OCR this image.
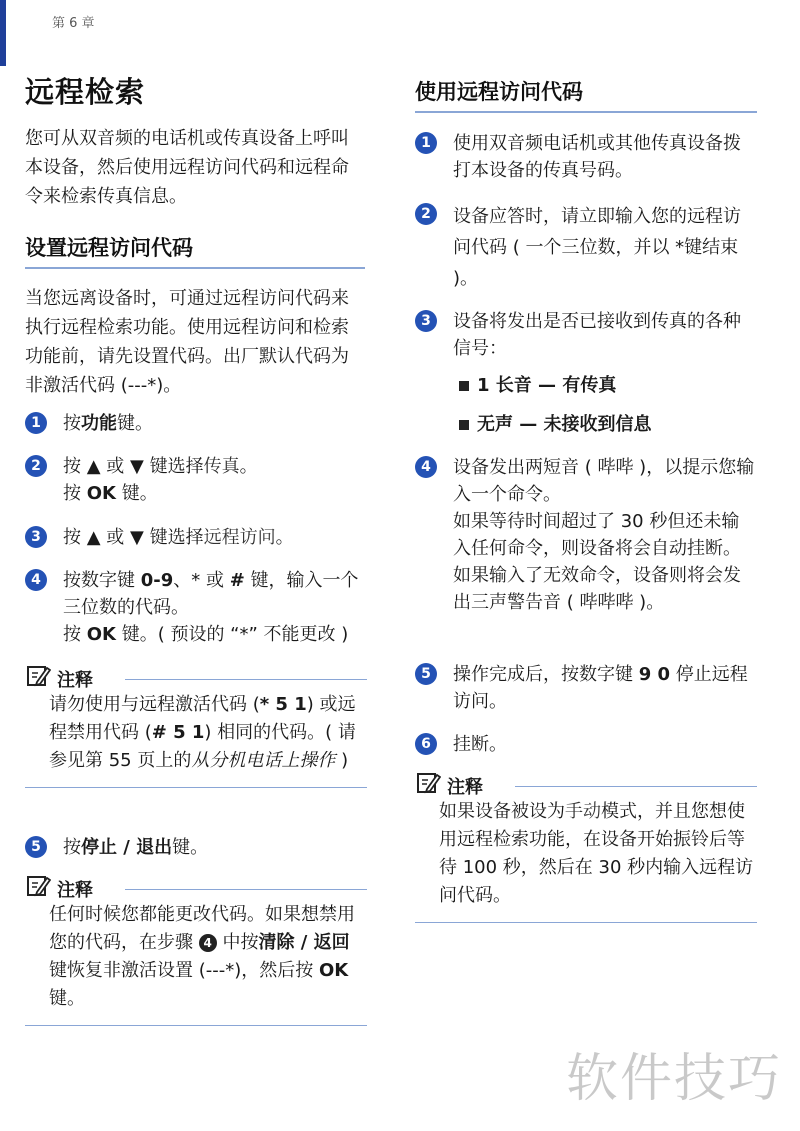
第 6 章
远程检索
您可从双音频的电话机或传真设备上呼叫本设备，然后使用远程访问代码和远程命令来检索传真信息。
设置远程访问代码
当您远离设备时，可通过远程访问代码来执行远程检索功能。使用远程访问和检索功能前，请先设置代码。出厂默认代码为非激活代码 (---*)。
1	按功能键。
2	按 ▲ 或 ▼ 键选择传真。
按 OK 键。
3	按 ▲ 或 ▼ 键选择远程访问。
4	按数字键 0-9、* 或 # 键，输入一个三位数的代码。
按 OK 键。( 预设的 “*” 不能更改 )
注释
请勿使用与远程激活代码 (* 5 1) 或远程禁用代码 (# 5 1) 相同的代码。( 请参见第 55 页上的从分机电话上操作 )
5	按停止 / 退出键。
注释
任何时候您都能更改代码。如果想禁用您的代码，在步骤 4 中按清除 / 返回键恢复非激活设置 (---*)，然后按 OK 键。
使用远程访问代码
1	使用双音频电话机或其他传真设备拨打本设备的传真号码。
2	设备应答时，请立即输入您的远程访问代码 ( 一个三位数，并以 *键结束 )。
3	设备将发出是否已接收到传真的各种信号：
1 长音 — 有传真
无声 — 未接收到信息
4	设备发出两短音 ( 哔哔 )，以提示您输入一个命令。
如果等待时间超过了 30 秒但还未输入任何命令，则设备将会自动挂断。
如果输入了无效命令，设备则将会发出三声警告音 ( 哔哔哔 )。
5	操作完成后，按数字键 9 0 停止远程访问。
6	挂断。
注释
如果设备被设为手动模式，并且您想使用远程检索功能，在设备开始振铃后等待 100 秒，然后在 30 秒内输入远程访问代码。
软件技巧
